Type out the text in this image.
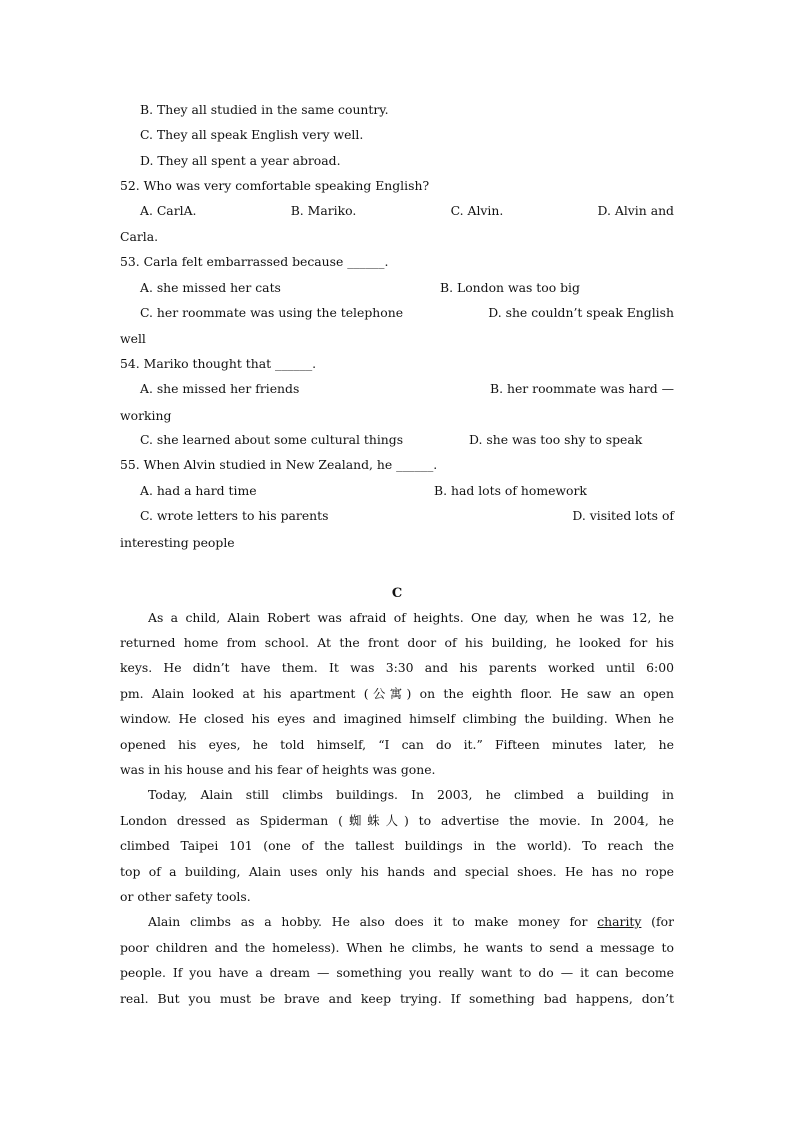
B. They all studied in the same country.
C. They all speak English very well.
D. They all spent a year abroad.
52. Who was very comfortable speaking English?
A. CarlA.	B. Mariko.	C. Alvin.	D. Alvin and
Carla.
53. Carla felt embarrassed because ______.
A. she missed her cats	B. London was too big
C. her roommate was using the telephone	D. she couldn’t speak English
well
54. Mariko thought that ______.
A. she missed her friends	B. her roommate was hard —
working
C. she learned about some cultural things	D. she was too shy to speak
55. When Alvin studied in New Zealand, he ______.
A. had a hard time	B. had lots of homework
C. wrote letters to his parents	D. visited lots of
interesting people
C
As a child, Alain Robert was afraid of heights. One day, when he was 12, he
returned home from school. At the front door of his building, he looked for his
keys. He didn’t have them. It was 3:30 and his parents worked until 6:00
pm. Alain looked at his apartment (公寓) on the eighth floor. He saw an open
window. He closed his eyes and imagined himself climbing the building. When he
opened his eyes, he told himself, “I can do it.” Fifteen minutes later, he
was in his house and his fear of heights was gone.
Today, Alain still climbs buildings. In 2003, he climbed a building in
London dressed as Spiderman (蜘蛛人) to advertise the movie. In 2004, he
climbed Taipei 101 (one of the tallest buildings in the world). To reach the
top of a building, Alain uses only his hands and special shoes. He has no rope
or other safety tools.
Alain climbs as a hobby. He also does it to make money for charity (for
poor children and the homeless). When he climbs, he wants to send a message to
people. If you have a dream — something you really want to do — it can become
real. But you must be brave and keep trying. If something bad happens, don’t
